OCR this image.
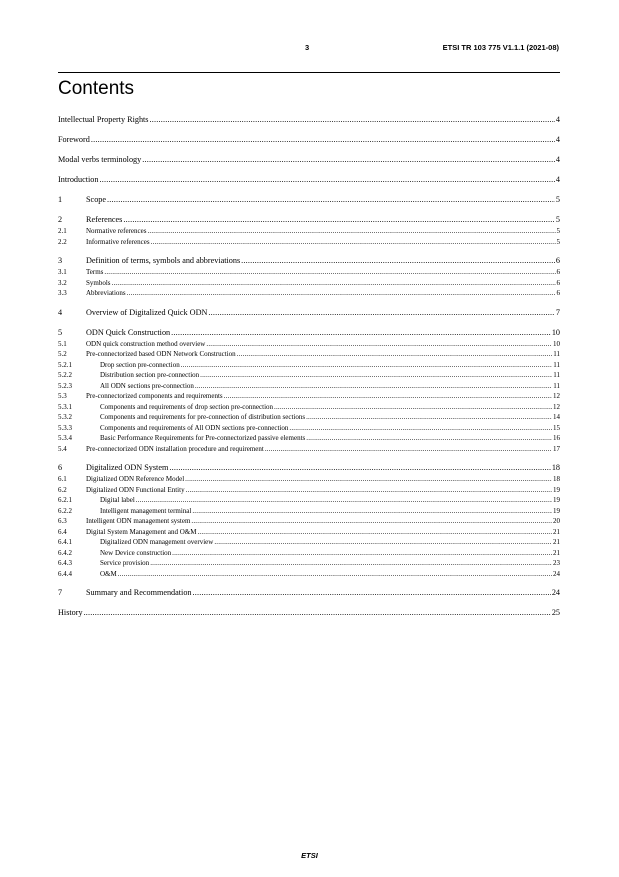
3	ETSI TR 103 775 V1.1.1 (2021-08)
Contents
Intellectual Property Rights .....	4
Foreword .....	4
Modal verbs terminology .....	4
Introduction .....	4
1	Scope .....	5
2	References .....	5
2.1	Normative references .....	5
2.2	Informative references .....	5
3	Definition of terms, symbols and abbreviations .....	6
3.1	Terms .....	6
3.2	Symbols .....	6
3.3	Abbreviations .....	6
4	Overview of Digitalized Quick ODN .....	7
5	ODN Quick Construction .....	10
5.1	ODN quick construction method overview .....	10
5.2	Pre-connectorized based ODN Network Construction .....	11
5.2.1	Drop section pre-connection .....	11
5.2.2	Distribution section pre-connection .....	11
5.2.3	All ODN sections pre-connection .....	11
5.3	Pre-connectorized components and requirements .....	12
5.3.1	Components and requirements of drop section pre-connection .....	12
5.3.2	Components and requirements for pre-connection of distribution sections .....	14
5.3.3	Components and requirements of All ODN sections pre-connection .....	15
5.3.4	Basic Performance Requirements for Pre-connectorized passive elements .....	16
5.4	Pre-connectorized ODN installation procedure and requirement .....	17
6	Digitalized ODN System .....	18
6.1	Digitalized ODN Reference Model .....	18
6.2	Digitalized ODN Functional Entity .....	19
6.2.1	Digital label .....	19
6.2.2	Intelligent management terminal .....	19
6.3	Intelligent ODN management system .....	20
6.4	Digital System Management and O&M .....	21
6.4.1	Digitalized ODN management overview .....	21
6.4.2	New Device construction .....	21
6.4.3	Service provision .....	23
6.4.4	O&M .....	24
7	Summary and Recommendation .....	24
History .....	25
ETSI
